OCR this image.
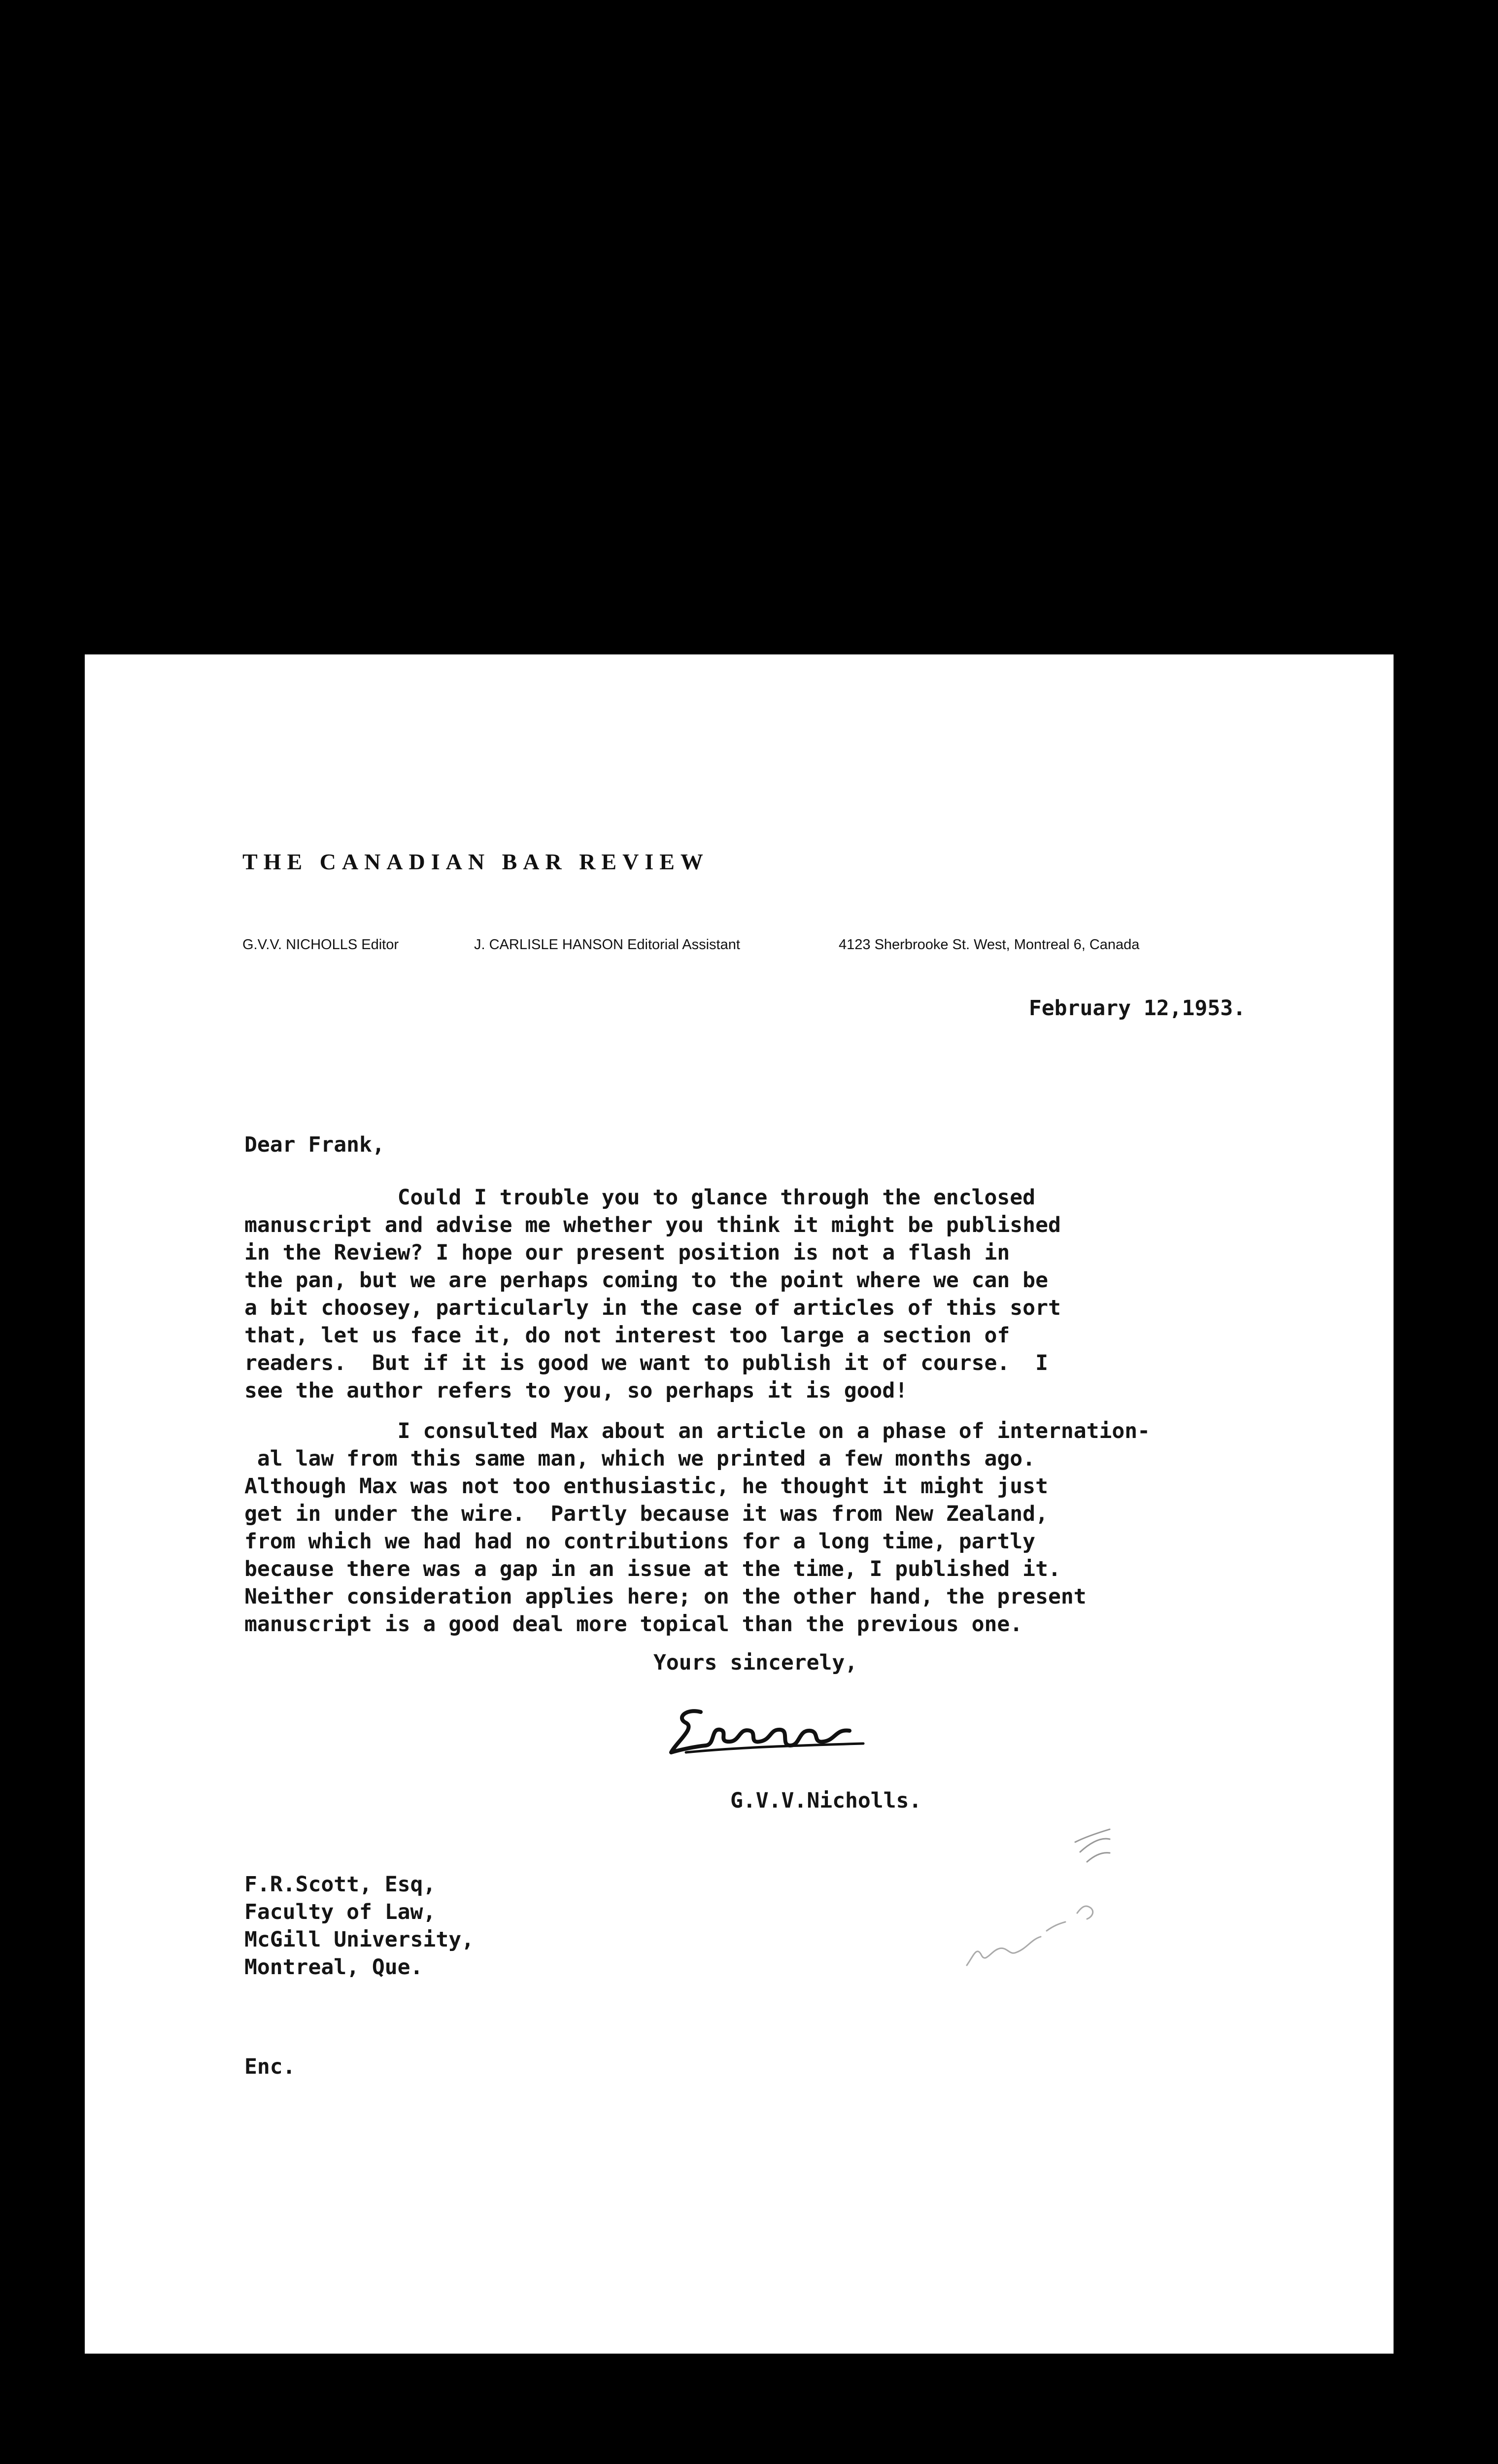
THE CANADIAN BAR REVIEW
G.V.V. NICHOLLS Editor	J. CARLISLE HANSON Editorial Assistant	4123 Sherbrooke St. West, Montreal 6, Canada
February 12,1953.
Dear Frank,

Could I trouble you to glance through the enclosed
manuscript and advise me whether you think it might be published
in the Review? I hope our present position is not a flash in
the pan, but we are perhaps coming to the point where we can be
a bit choosey, particularly in the case of articles of this sort
that, let us face it, do not interest too large a section of
readers.  But if it is good we want to publish it of course.  I
see the author refers to you, so perhaps it is good!

I consulted Max about an article on a phase of internation-
al law from this same man, which we printed a few months ago.
Although Max was not too enthusiastic, he thought it might just
get in under the wire.  Partly because it was from New Zealand,
from which we had had no contributions for a long time, partly
because there was a gap in an issue at the time, I published it.
Neither consideration applies here; on the other hand, the present
manuscript is a good deal more topical than the previous one.

Yours sincerely,
G.V.V.Nicholls.
F.R.Scott, Esq,
Faculty of Law,
McGill University,
Montreal, Que.
Enc.
